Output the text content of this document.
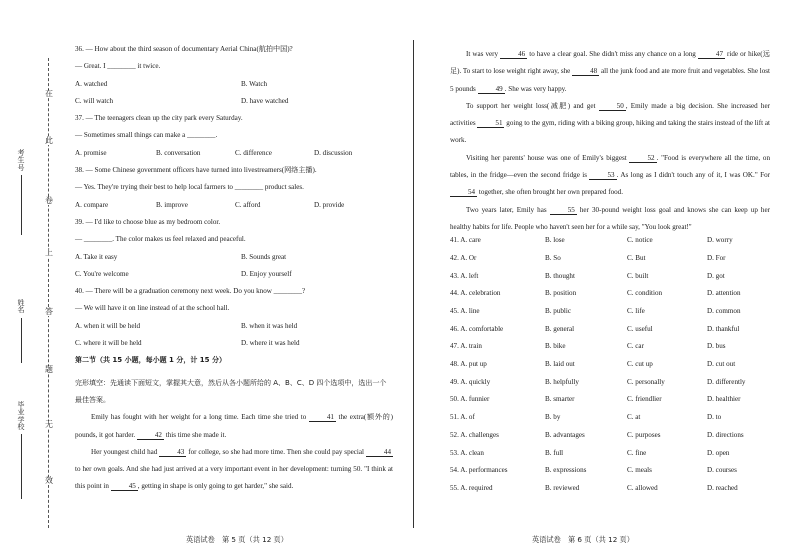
在
此
卷
上
答
题
无
效
考生号
姓名
毕业学校
36. — How about the third season of documentary Aerial China(航拍中国)?
— Great. I ________ it twice.
A. watched	B. Watch
C. will watch	D. have watched
37. — The teenagers clean up the city park every Saturday.
— Sometimes small things can make a ________.
A. promise	B. conversation	C. difference	D. discussion
38. — Some Chinese government officers have turned into livestreamers(网络主播).
— Yes. They're trying their best to help local farmers to ________ product sales.
A. compare	B. improve	C. afford	D. provide
39. — I'd like to choose blue as my bedroom color.
— ________. The color makes us feel relaxed and peaceful.
A. Take it easy	B. Sounds great
C. You're welcome	D. Enjoy yourself
40. — There will be a graduation ceremony next week. Do you know ________?
— We will have it on line instead of at the school hall.
A. when it will be held	B. when it was held
C. where it will be held	D. where it was held
第二节（共 15 小题，每小题 1 分，计 15 分）
完形填空：先通读下面短文，掌握其大意，然后从各小题所给的 A、B、C、D 四个选项中，选出一个最佳答案。
Emily has fought with her weight for a long time. Each time she tried to	41 the extra(额外的) pounds, it got harder.	42 this time she made it.
Her youngest child had	43 for college, so she had more time. Then she could pay special	44 to her own goals. And she had just arrived at a very important event in her development: turning 50. "I think at this point in	45 , getting in shape is only going to get harder," she said.
It was very	46 to have a clear goal. She didn't miss any chance on a long	47 ride or hike(远足). To start to lose weight right away, she	48 all the junk food and ate more fruit and vegetables. She lost 5 pounds	49 . She was very happy.
To support her weight loss(减肥) and get	50 , Emily made a big decision. She increased her activities	51 going to the gym, riding with a biking group, hiking and taking the stairs instead of the lift at work.
Visiting her parents' house was one of Emily's biggest	52 . "Food is everywhere all the time, on tables, in the fridge—even the second fridge is	53 . As long as I didn't touch any of it, I was OK." For 54 together, she often brought her own prepared food.
Two years later, Emily has	55 her 30-pound weight loss goal and knows she can keep up her healthy habits for life. People who haven't seen her for a while say, "You look great!"
41. A. care	B. lose	C. notice	D. worry
42. A. Or	B. So	C. But	D. For
43. A. left	B. thought	C. built	D. got
44. A. celebration	B. position	C. condition	D. attention
45. A. line	B. public	C. life	D. common
46. A. comfortable	B. general	C. useful	D. thankful
47. A. train	B. bike	C. car	D. bus
48. A. put up	B. laid out	C. cut up	D. cut out
49. A. quickly	B. helpfully	C. personally	D. differently
50. A. funnier	B. smarter	C. friendlier	D. healthier
51. A. of	B. by	C. at	D. to
52. A. challenges	B. advantages	C. purposes	D. directions
53. A. clean	B. full	C. fine	D. open
54. A. performances	B. expressions	C. meals	D. courses
55. A. required	B. reviewed	C. allowed	D. reached
英语试卷　第 5 页（共 12 页）	英语试卷　第 6 页（共 12 页）
